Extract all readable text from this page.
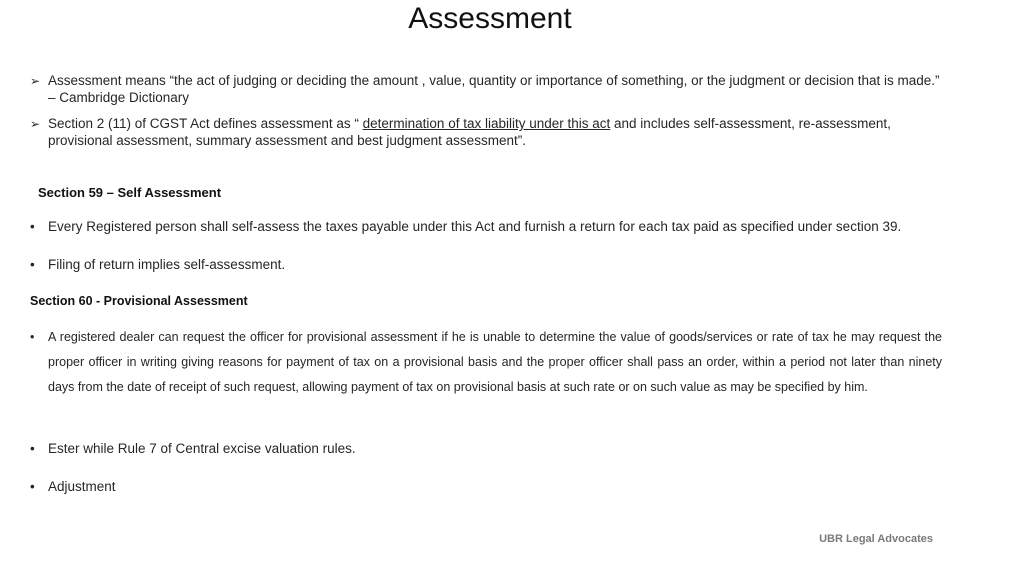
Assessment
➢ Assessment means “the act of judging or deciding the amount , value, quantity or importance of something, or the judgment or decision that is made.” – Cambridge Dictionary
➢ Section 2 (11) of CGST Act defines assessment as “ determination of tax liability under this act and includes self-assessment, re-assessment, provisional assessment, summary assessment and best judgment assessment”.
Section 59 – Self Assessment
• Every Registered person shall self-assess the taxes payable under this Act and furnish a return for each tax paid as specified under section 39.
• Filing of return implies self-assessment.
Section 60 - Provisional Assessment
• A registered dealer can request the officer for provisional assessment if he is unable to determine the value of goods/services or rate of tax he may request the proper officer in writing giving reasons for payment of tax on a provisional basis and the proper officer shall pass an order, within a period not later than ninety days from the date of receipt of such request, allowing payment of tax on provisional basis at such rate or on such value as may be specified by him.
• Ester while Rule 7 of Central excise valuation rules.
• Adjustment
UBR Legal Advocates
